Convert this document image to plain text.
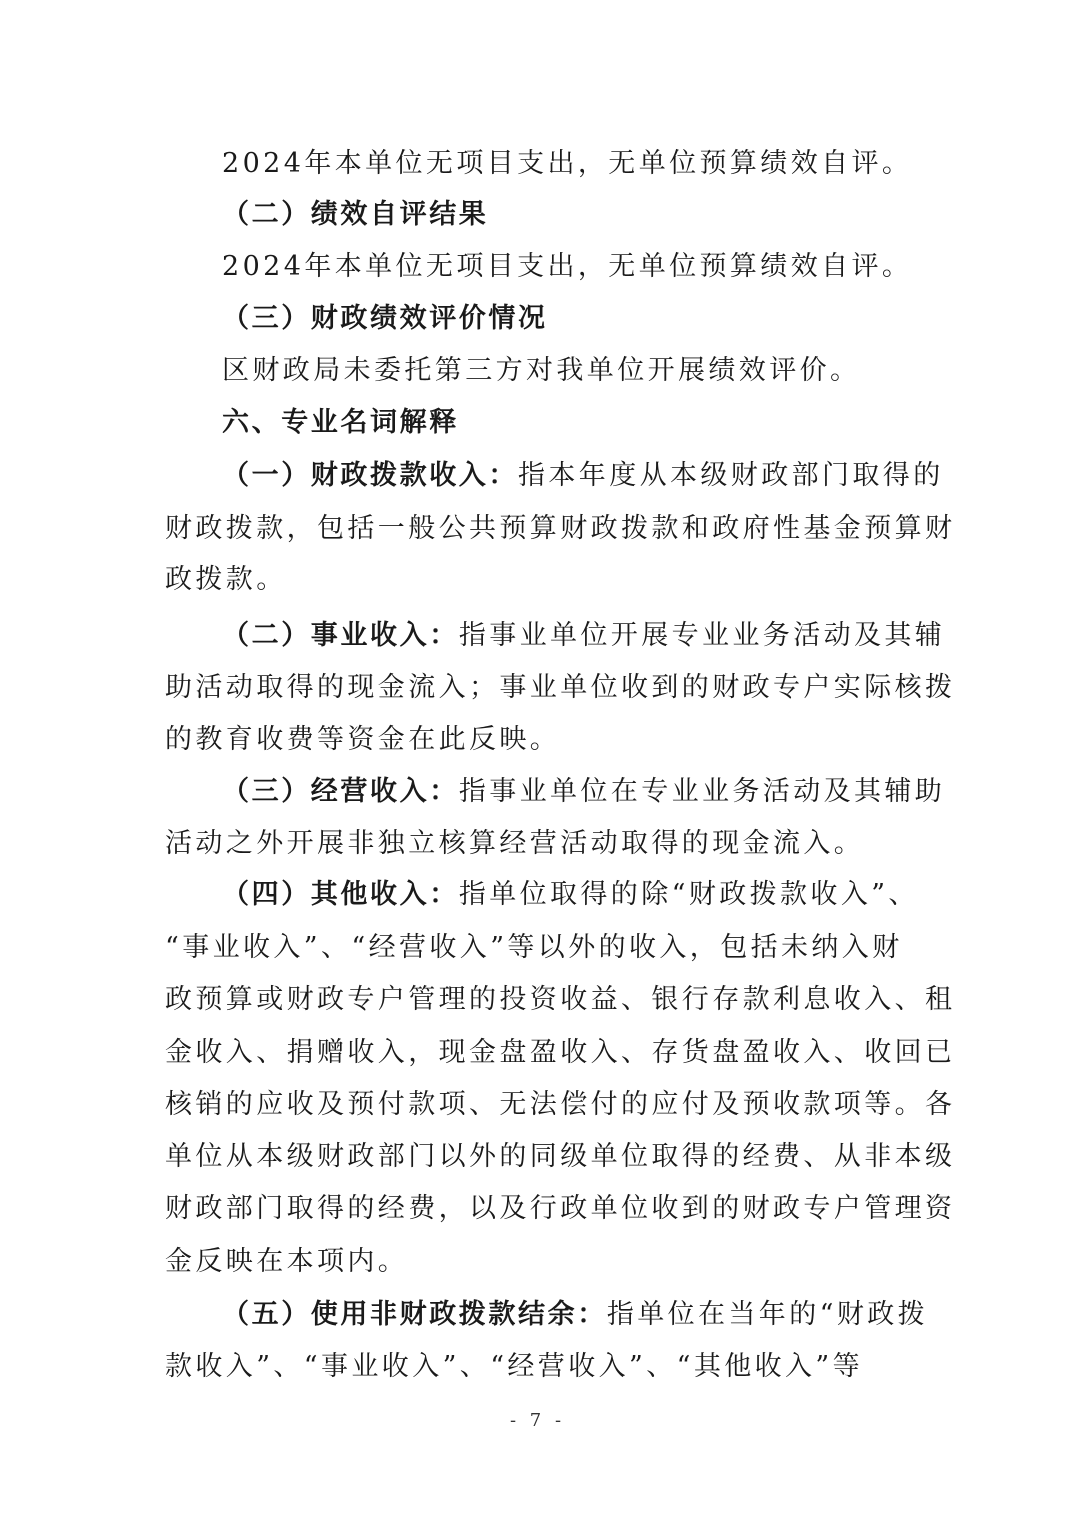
2024年本单位无项目支出，无单位预算绩效自评。
（二）绩效自评结果
2024年本单位无项目支出，无单位预算绩效自评。
（三）财政绩效评价情况
区财政局未委托第三方对我单位开展绩效评价。
六、专业名词解释
（一）财政拨款收入：指本年度从本级财政部门取得的
财政拨款，包括一般公共预算财政拨款和政府性基金预算财
政拨款。
（二）事业收入：指事业单位开展专业业务活动及其辅
助活动取得的现金流入；事业单位收到的财政专户实际核拨
的教育收费等资金在此反映。
（三）经营收入：指事业单位在专业业务活动及其辅助
活动之外开展非独立核算经营活动取得的现金流入。
（四）其他收入：指单位取得的除“财政拨款收入”、
“事业收入”、“经营收入”等以外的收入，包括未纳入财
政预算或财政专户管理的投资收益、银行存款利息收入、租
金收入、捐赠收入，现金盘盈收入、存货盘盈收入、收回已
核销的应收及预付款项、无法偿付的应付及预收款项等。各
单位从本级财政部门以外的同级单位取得的经费、从非本级
财政部门取得的经费，以及行政单位收到的财政专户管理资
金反映在本项内。
（五）使用非财政拨款结余：指单位在当年的“财政拨
款收入”、“事业收入”、“经营收入”、“其他收入”等
- 7 -
